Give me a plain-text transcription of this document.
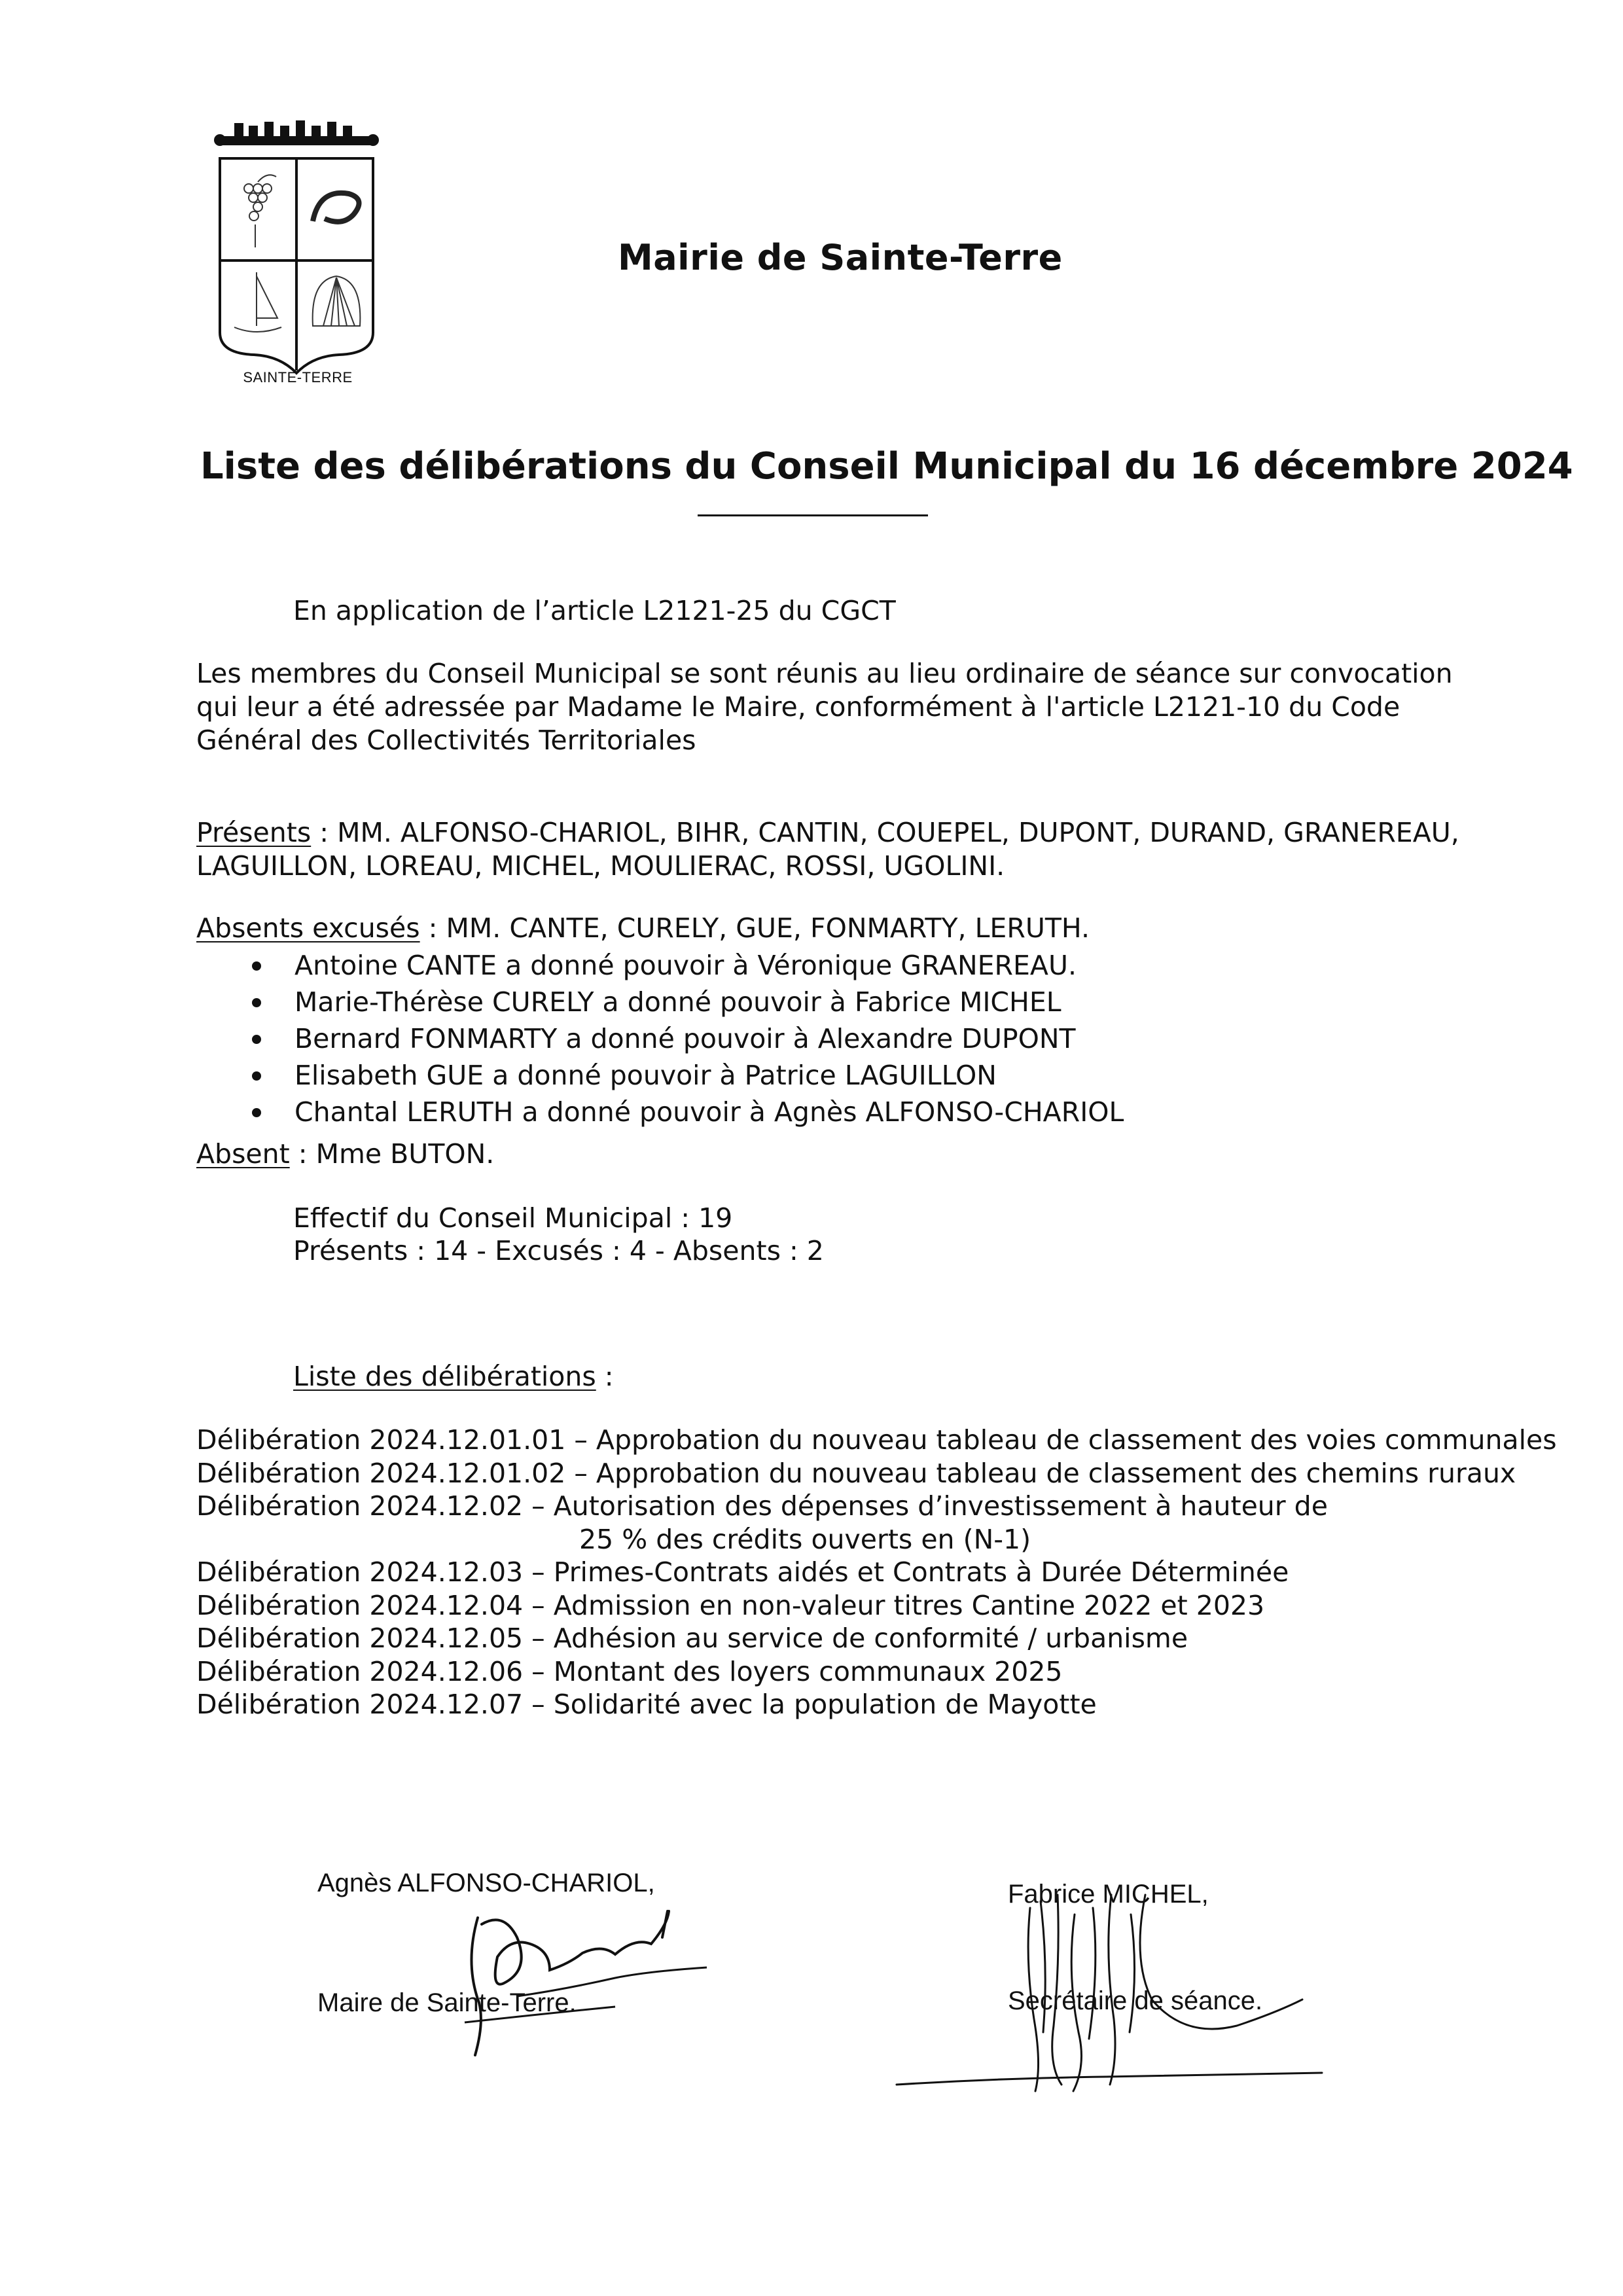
SAINTE-TERRE
Mairie de Sainte-Terre
Liste des délibérations du Conseil Municipal du 16 décembre 2024
En application de l’article L2121-25 du CGCT
Les membres du Conseil Municipal se sont réunis au lieu ordinaire de séance sur convocation
qui leur a été adressée par Madame le Maire, conformément à l'article L2121-10 du Code
Général des Collectivités Territoriales
Présents : MM. ALFONSO-CHARIOL, BIHR, CANTIN, COUEPEL, DUPONT, DURAND, GRANEREAU,
LAGUILLON, LOREAU, MICHEL, MOULIERAC, ROSSI, UGOLINI.
Absents excusés : MM. CANTE, CURELY, GUE, FONMARTY, LERUTH.
Antoine CANTE a donné pouvoir à Véronique GRANEREAU.
Marie-Thérèse CURELY a donné pouvoir à Fabrice MICHEL
Bernard FONMARTY a donné pouvoir à Alexandre DUPONT
Elisabeth GUE a donné pouvoir à Patrice LAGUILLON
Chantal LERUTH a donné pouvoir à Agnès ALFONSO-CHARIOL
Absent : Mme BUTON.
Effectif du Conseil Municipal : 19
Présents : 14 - Excusés : 4 - Absents : 2
Liste des délibérations :
Délibération 2024.12.01.01 – Approbation du nouveau tableau de classement des voies communales
Délibération 2024.12.01.02 – Approbation du nouveau tableau de classement des chemins ruraux
Délibération 2024.12.02 – Autorisation des dépenses d’investissement à hauteur de
25 % des crédits ouverts en (N-1)
Délibération 2024.12.03 – Primes-Contrats aidés et Contrats à Durée Déterminée
Délibération 2024.12.04 – Admission en non-valeur titres Cantine 2022 et 2023
Délibération 2024.12.05 – Adhésion au service de conformité / urbanisme
Délibération 2024.12.06 – Montant des loyers communaux 2025
Délibération 2024.12.07 – Solidarité avec la population de Mayotte
Agnès ALFONSO-CHARIOL,
Maire de Sainte-Terre.
Fabrice MICHEL,
Secrétaire de séance.
